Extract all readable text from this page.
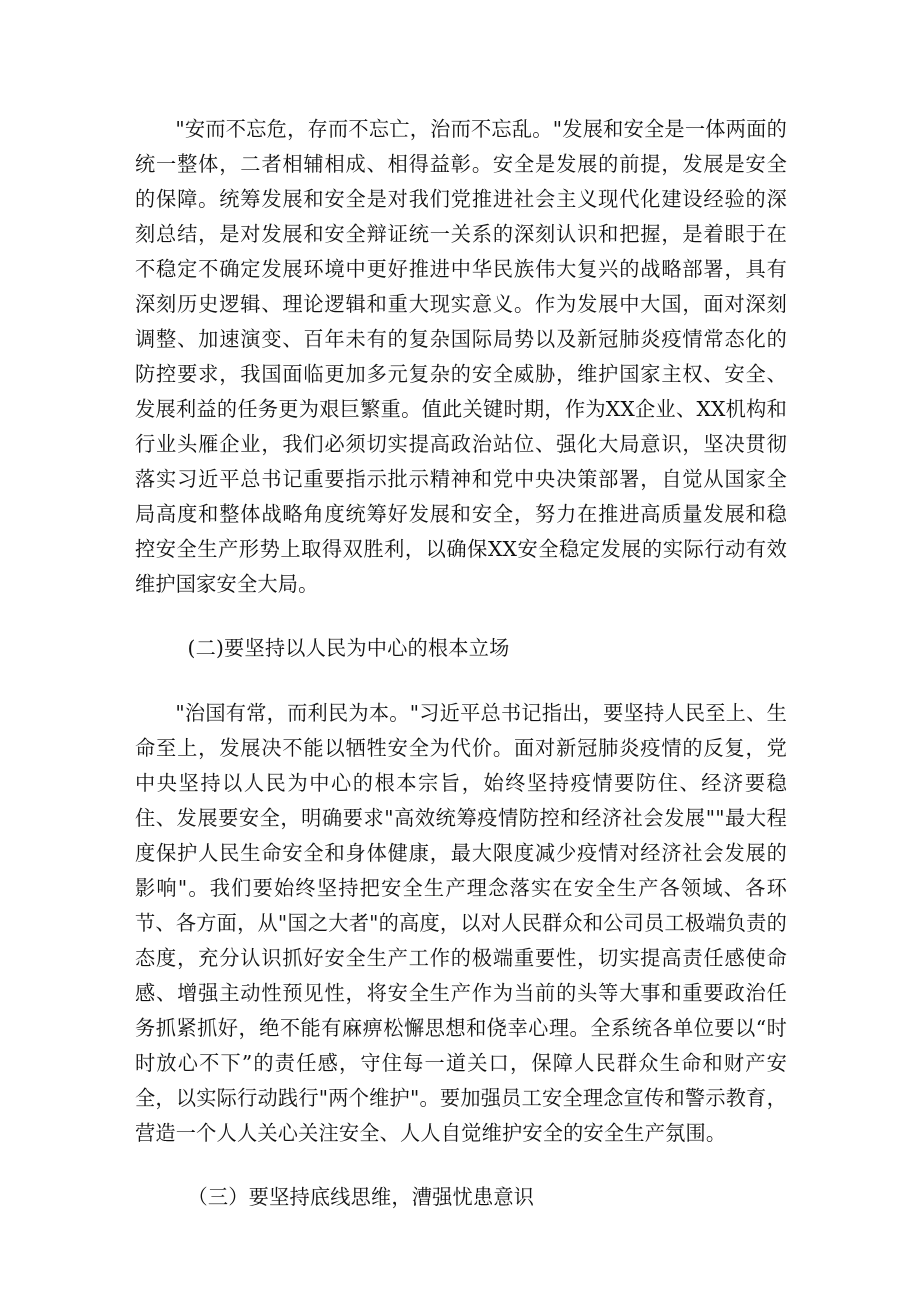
"安而不忘危，存而不忘亡，治而不忘乱。"发展和安全是一体两面的统一整体，二者相辅相成、相得益彰。安全是发展的前提，发展是安全的保障。统筹发展和安全是对我们党推进社会主义现代化建设经验的深刻总结，是对发展和安全辩证统一关系的深刻认识和把握，是着眼于在不稳定不确定发展环境中更好推进中华民族伟大复兴的战略部署，具有深刻历史逻辑、理论逻辑和重大现实意义。作为发展中大国，面对深刻调整、加速演变、百年未有的复杂国际局势以及新冠肺炎疫情常态化的防控要求，我国面临更加多元复杂的安全威胁，维护国家主权、安全、发展利益的任务更为艰巨繁重。值此关键时期，作为XX企业、XX机构和行业头雁企业，我们必须切实提高政治站位、强化大局意识，坚决贯彻落实习近平总书记重要指示批示精神和党中央决策部署，自觉从国家全局高度和整体战略角度统筹好发展和安全，努力在推进高质量发展和稳控安全生产形势上取得双胜利，以确保XX安全稳定发展的实际行动有效维护国家安全大局。

(二)要坚持以人民为中心的根本立场

"治国有常，而利民为本。"习近平总书记指出，要坚持人民至上、生命至上，发展决不能以牺牲安全为代价。面对新冠肺炎疫情的反复，党中央坚持以人民为中心的根本宗旨，始终坚持疫情要防住、经济要稳住、发展要安全，明确要求"高效统筹疫情防控和经济社会发展""最大程度保护人民生命安全和身体健康，最大限度减少疫情对经济社会发展的影响"。我们要始终坚持把安全生产理念落实在安全生产各领域、各环节、各方面，从"国之大者"的高度，以对人民群众和公司员工极端负责的态度，充分认识抓好安全生产工作的极端重要性，切实提高责任感使命感、增强主动性预见性，将安全生产作为当前的头等大事和重要政治任务抓紧抓好，绝不能有麻痹松懈思想和侥幸心理。全系统各单位要以“时时放心不下”的责任感，守住每一道关口，保障人民群众生命和财产安全，以实际行动践行"两个维护"。要加强员工安全理念宣传和警示教育，营造一个人人关心关注安全、人人自觉维护安全的安全生产氛围。

（三）要坚持底线思维，漕强忧患意识
